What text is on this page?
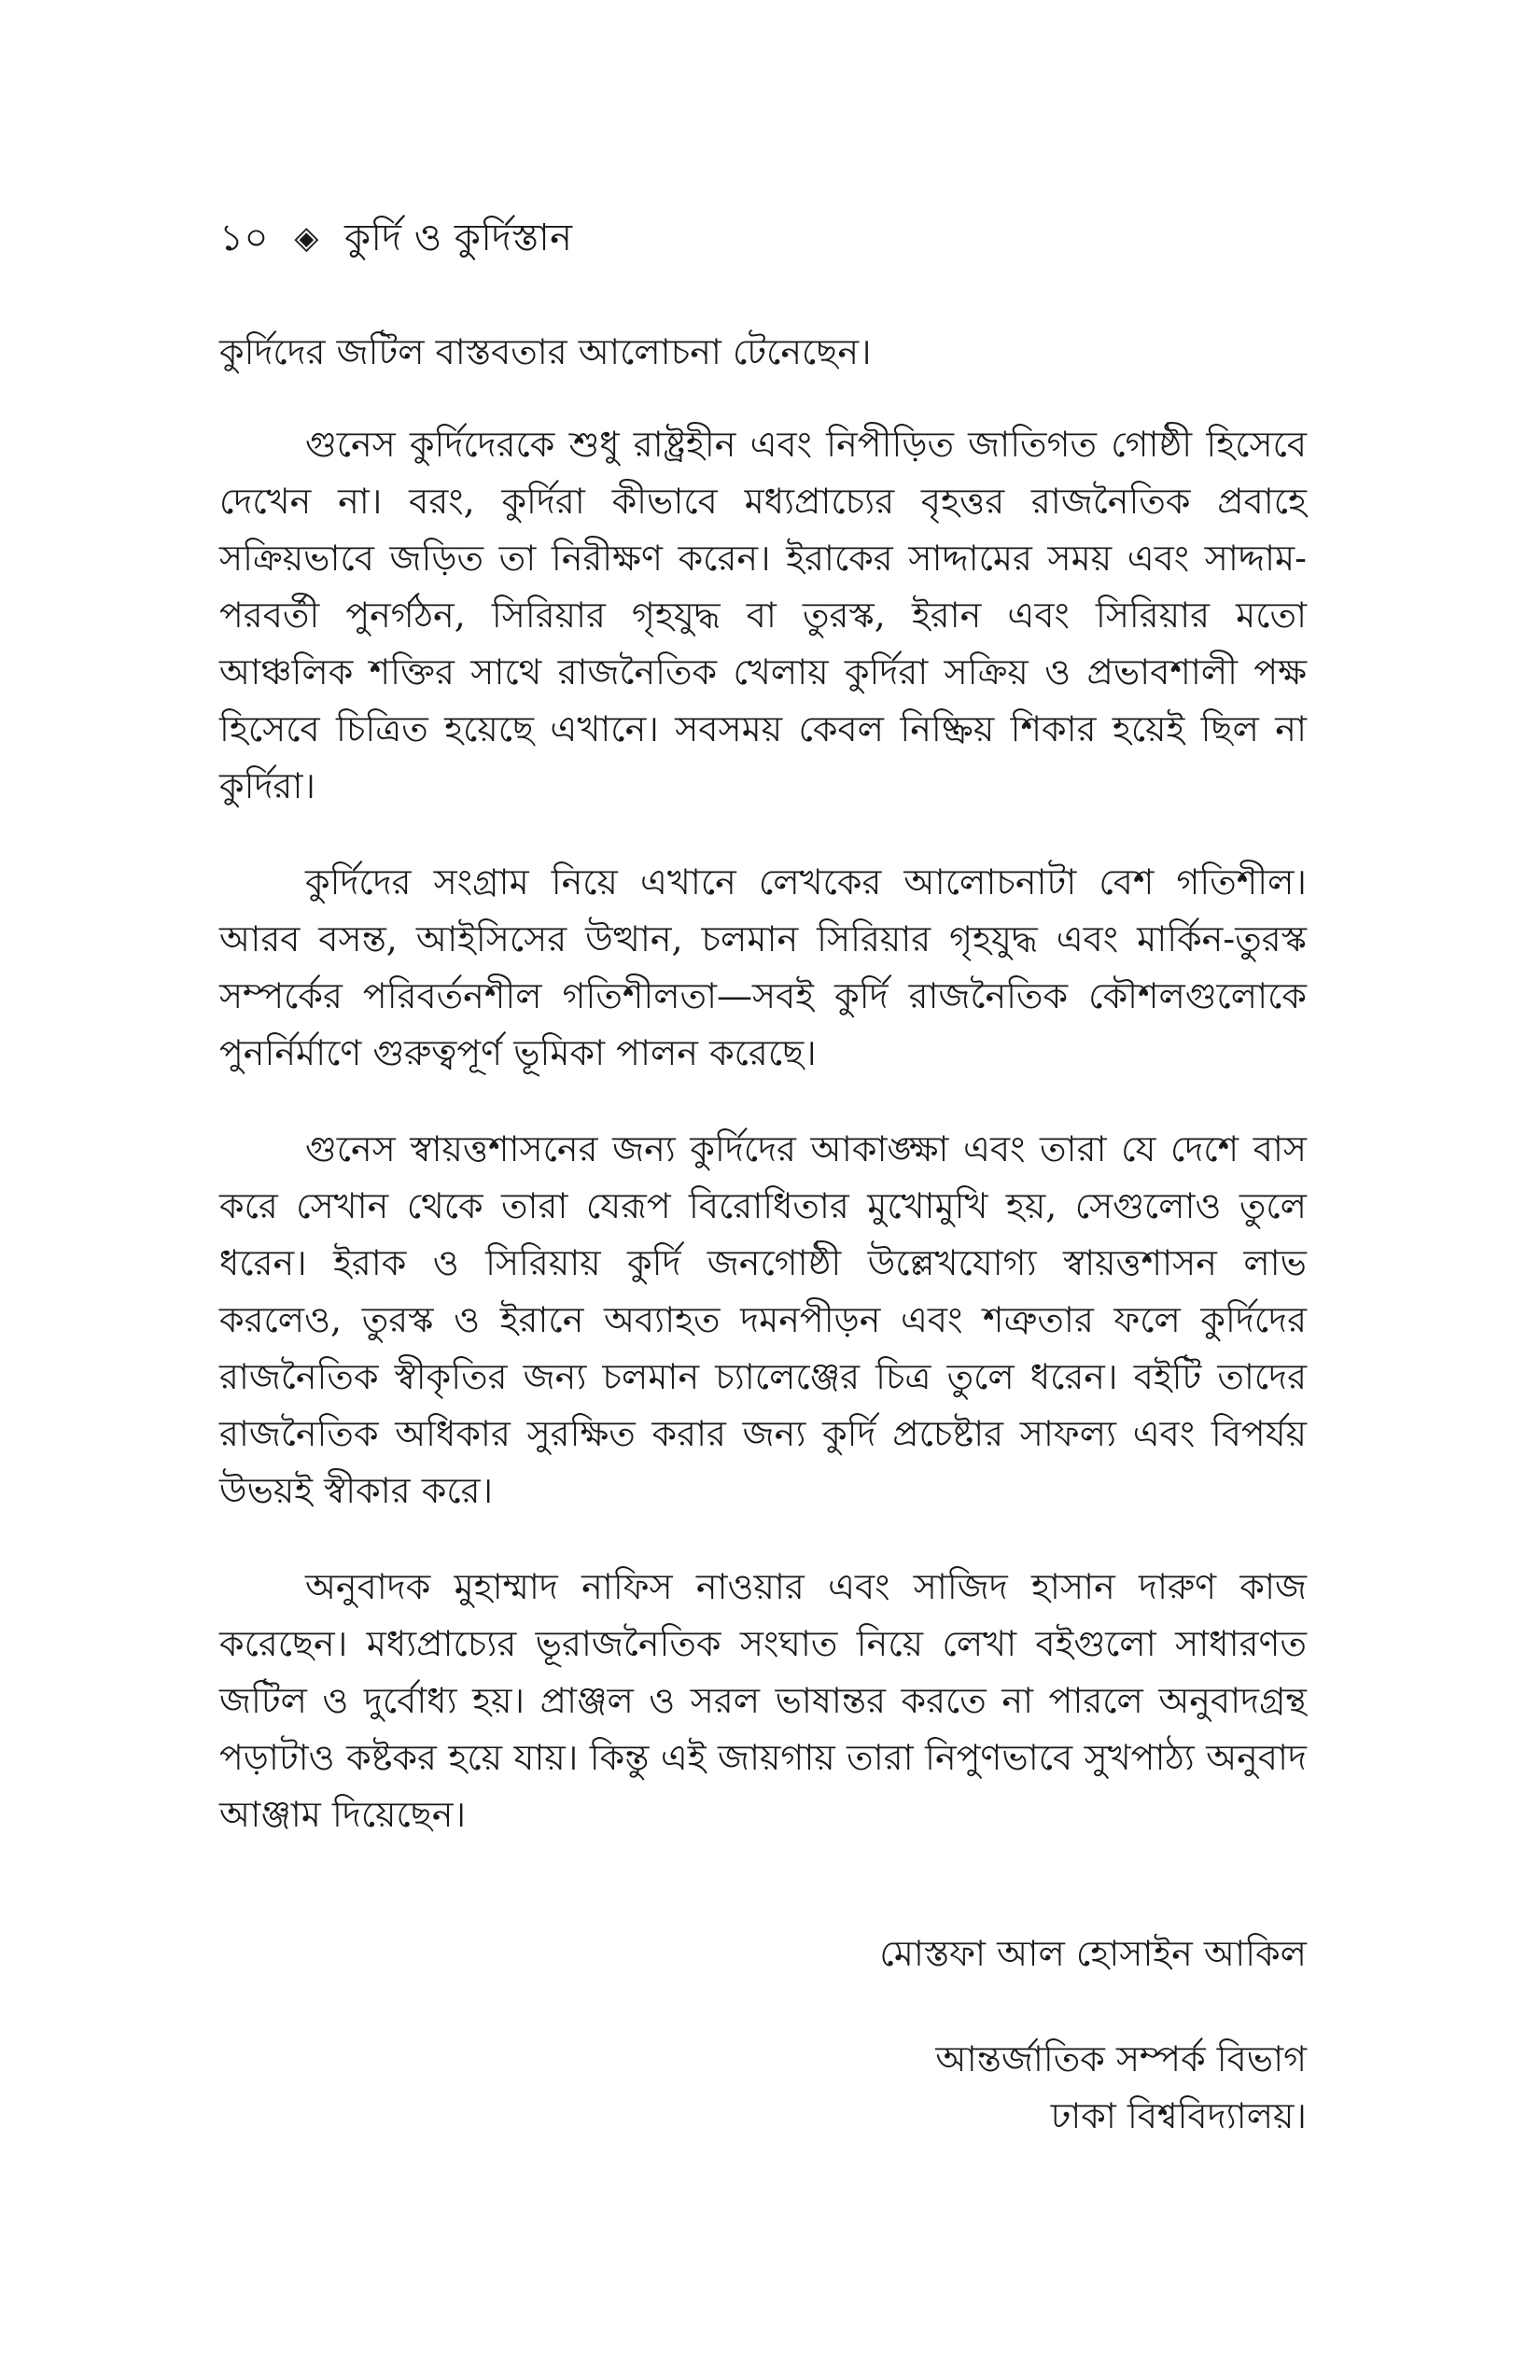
১০ ◈ কুর্দি ও কুর্দিস্তান

কুর্দিদের জটিল বাস্তবতার আলোচনা টেনেছেন।

গুনেস কুর্দিদেরকে শুধু রাষ্ট্রহীন এবং নিপীড়িত জাতিগত গোষ্ঠী হিসেবে দেখেন না। বরং, কুর্দিরা কীভাবে মধ্যপ্রাচ্যের বৃহত্তর রাজনৈতিক প্রবাহে সক্রিয়ভাবে জড়িত তা নিরীক্ষণ করেন। ইরাকের সাদ্দামের সময় এবং সাদ্দাম-পরবর্তী পুনর্গঠন, সিরিয়ার গৃহযুদ্ধ বা তুরস্ক, ইরান এবং সিরিয়ার মতো আঞ্চলিক শক্তির সাথে রাজনৈতিক খেলায় কুর্দিরা সক্রিয় ও প্রভাবশালী পক্ষ হিসেবে চিত্রিত হয়েছে এখানে। সবসময় কেবল নিষ্ক্রিয় শিকার হয়েই ছিল না কুর্দিরা।

কুর্দিদের সংগ্রাম নিয়ে এখানে লেখকের আলোচনাটা বেশ গতিশীল। আরব বসন্ত, আইসিসের উত্থান, চলমান সিরিয়ার গৃহযুদ্ধ এবং মার্কিন-তুরস্ক সম্পর্কের পরিবর্তনশীল গতিশীলতা—সবই কুর্দি রাজনৈতিক কৌশলগুলোকে পুনর্নির্মাণে গুরুত্বপূর্ণ ভূমিকা পালন করেছে।

গুনেস স্বায়ত্তশাসনের জন্য কুর্দিদের আকাঙ্ক্ষা এবং তারা যে দেশে বাস করে সেখান থেকে তারা যেরূপ বিরোধিতার মুখোমুখি হয়, সেগুলোও তুলে ধরেন। ইরাক ও সিরিয়ায় কুর্দি জনগোষ্ঠী উল্লেখযোগ্য স্বায়ত্তশাসন লাভ করলেও, তুরস্ক ও ইরানে অব্যাহত দমনপীড়ন এবং শত্রুতার ফলে কুর্দিদের রাজনৈতিক স্বীকৃতির জন্য চলমান চ্যালেঞ্জের চিত্র তুলে ধরেন। বইটি তাদের রাজনৈতিক অধিকার সুরক্ষিত করার জন্য কুর্দি প্রচেষ্টার সাফল্য এবং বিপর্যয় উভয়ই স্বীকার করে।

অনুবাদক মুহাম্মাদ নাফিস নাওয়ার এবং সাজিদ হাসান দারুণ কাজ করেছেন। মধ্যপ্রাচ্যের ভূরাজনৈতিক সংঘাত নিয়ে লেখা বইগুলো সাধারণত জটিল ও দুর্বোধ্য হয়। প্রাঞ্জল ও সরল ভাষান্তর করতে না পারলে অনুবাদগ্রন্থ পড়াটাও কষ্টকর হয়ে যায়। কিন্তু এই জায়গায় তারা নিপুণভাবে সুখপাঠ্য অনুবাদ আঞ্জাম দিয়েছেন।

মোস্তফা আল হোসাইন আকিল
আন্তর্জাতিক সম্পর্ক বিভাগ
ঢাকা বিশ্ববিদ্যালয়।
